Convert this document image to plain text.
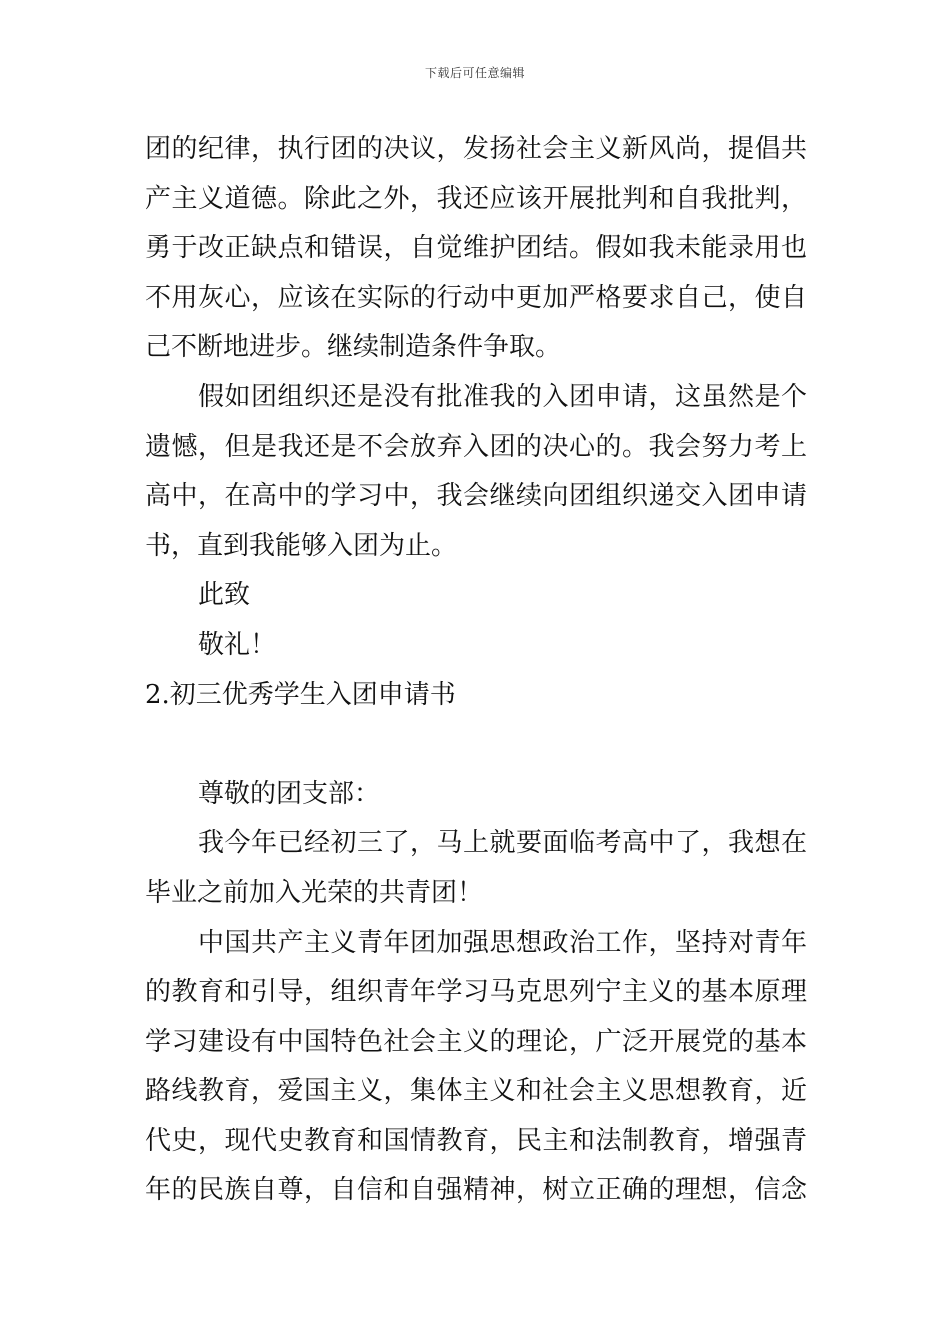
下载后可任意编辑
团的纪律，执行团的决议，发扬社会主义新风尚，提倡共
产主义道德。除此之外，我还应该开展批判和自我批判，
勇于改正缺点和错误，自觉维护团结。假如我未能录用也
不用灰心，应该在实际的行动中更加严格要求自己，使自
己不断地进步。继续制造条件争取。
假如团组织还是没有批准我的入团申请，这虽然是个
遗憾，但是我还是不会放弃入团的决心的。我会努力考上
高中，在高中的学习中，我会继续向团组织递交入团申请
书，直到我能够入团为止。
此致
敬礼！
2.初三优秀学生入团申请书
尊敬的团支部：
我今年已经初三了，马上就要面临考高中了，我想在
毕业之前加入光荣的共青团！
中国共产主义青年团加强思想政治工作，坚持对青年
的教育和引导，组织青年学习马克思列宁主义的基本原理
学习建设有中国特色社会主义的理论，广泛开展党的基本
路线教育，爱国主义，集体主义和社会主义思想教育，近
代史，现代史教育和国情教育，民主和法制教育，增强青
年的民族自尊，自信和自强精神，树立正确的理想，信念
